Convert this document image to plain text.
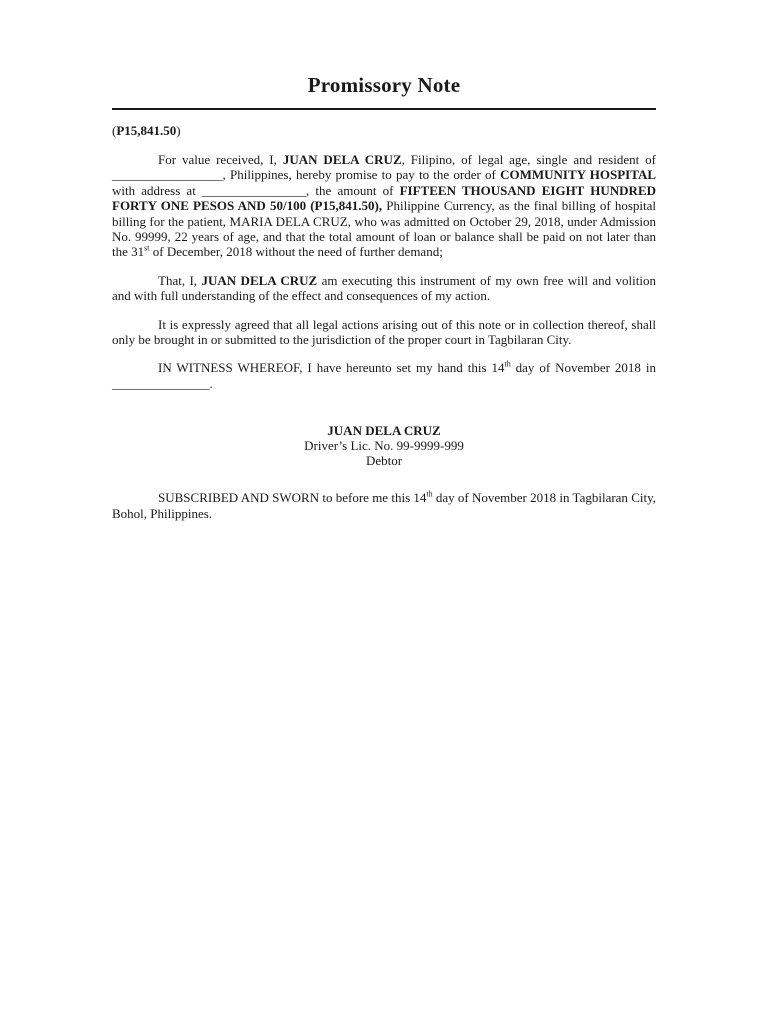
Promissory Note
(P15,841.50)

For value received, I, JUAN DELA CRUZ, Filipino, of legal age, single and resident of _________________, Philippines, hereby promise to pay to the order of COMMUNITY HOSPITAL with address at ________________, the amount of FIFTEEN THOUSAND EIGHT HUNDRED FORTY ONE PESOS AND 50/100 (P15,841.50), Philippine Currency, as the final billing of hospital billing for the patient, MARIA DELA CRUZ, who was admitted on October 29, 2018, under Admission No. 99999, 22 years of age, and that the total amount of loan or balance shall be paid on not later than the 31st of December, 2018 without the need of further demand;

That, I, JUAN DELA CRUZ am executing this instrument of my own free will and volition and with full understanding of the effect and consequences of my action.

It is expressly agreed that all legal actions arising out of this note or in collection thereof, shall only be brought in or submitted to the jurisdiction of the proper court in Tagbilaran City.

IN WITNESS WHEREOF, I have hereunto set my hand this 14th day of November 2018 in _______________.

JUAN DELA CRUZ
Driver’s Lic. No. 99-9999-999
Debtor

SUBSCRIBED AND SWORN to before me this 14th day of November 2018 in Tagbilaran City, Bohol, Philippines.
